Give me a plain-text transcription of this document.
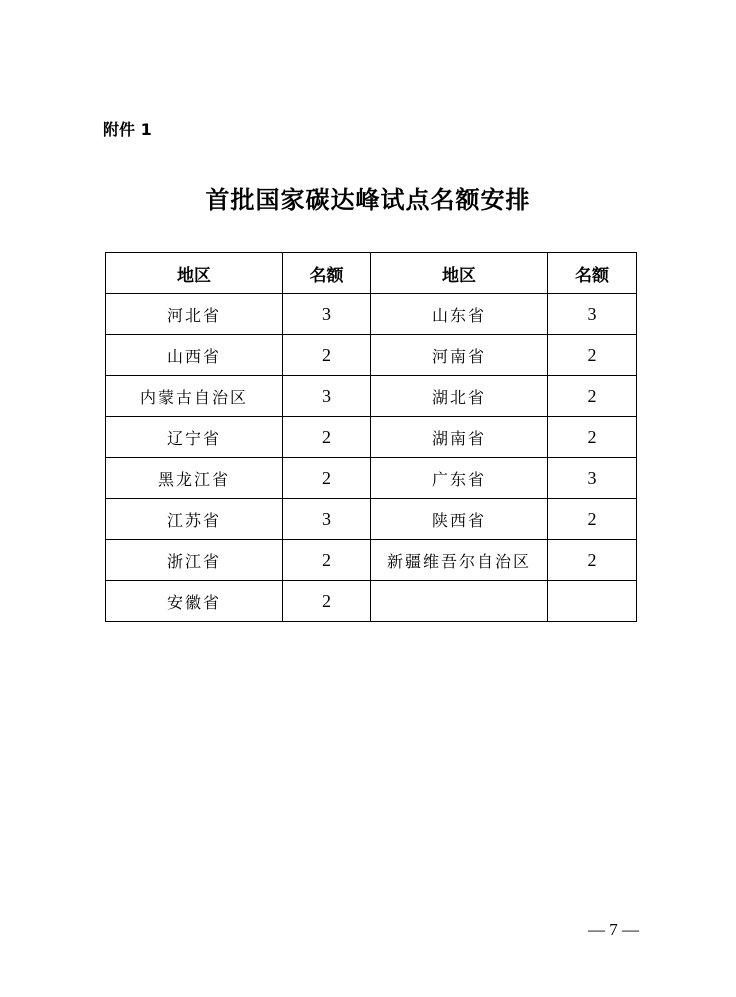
附件 1
首批国家碳达峰试点名额安排
地区	名额	地区	名额
河北省	3	山东省	3
山西省	2	河南省	2
内蒙古自治区	3	湖北省	2
辽宁省	2	湖南省	2
黑龙江省	2	广东省	3
江苏省	3	陕西省	2
浙江省	2	新疆维吾尔自治区	2
安徽省	2		
— 7 —
